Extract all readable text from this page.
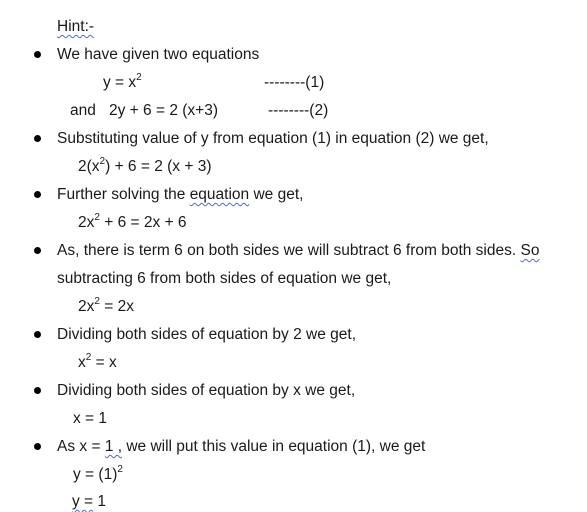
Hint:-
We have given two equations
$y = x^2$	--------(1)
and 2y + 6 = 2 (x+3)	--------(2)
Substituting value of y from equation (1) in equation (2) we get,
$2(x^2) + 6 = 2$ (x + 3)
Further solving the equation we get,
$2x^2 + 6 = 2x + 6$
As, there is term 6 on both sides we will subtract 6 from both sides. So
subtracting 6 from both sides of equation we get,
$2x^2 = 2x$
Dividing both sides of equation by 2 we get,
$x^2 = x$
Dividing both sides of equation by x we get,
x = 1
As x = 1 , we will put this value in equation (1), we get
$y = (1)^2$
y = 1
